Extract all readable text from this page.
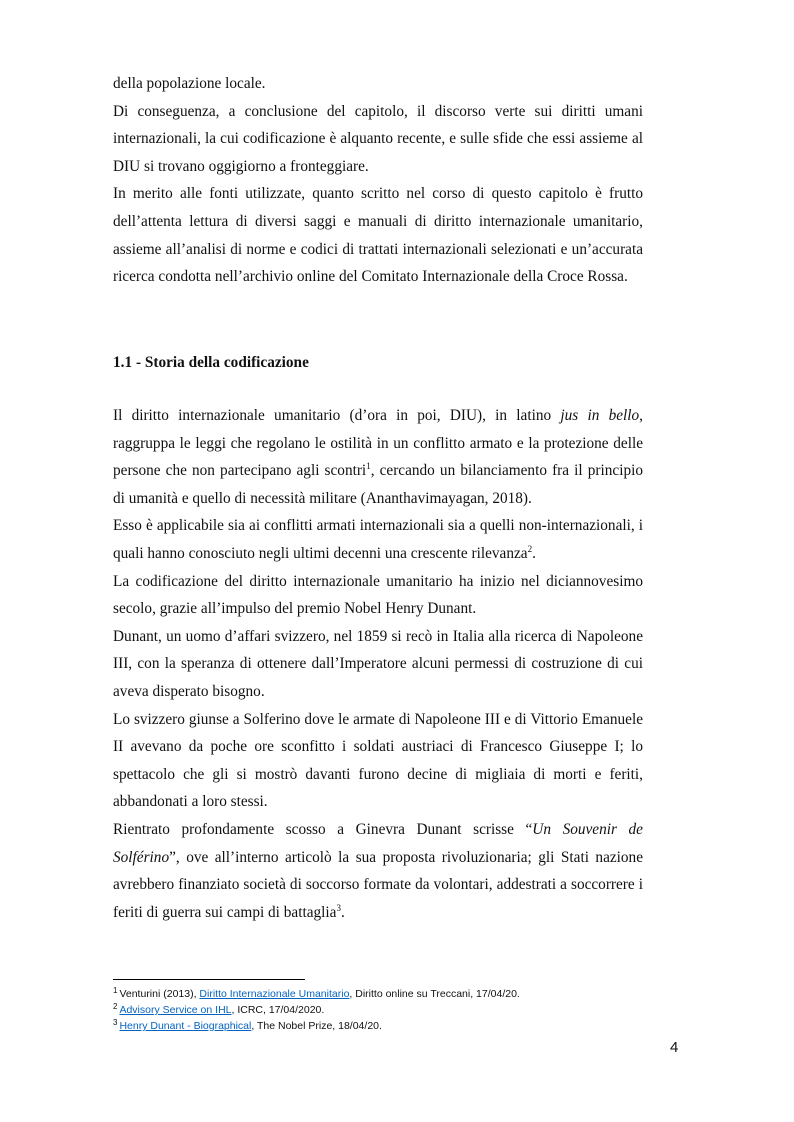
della popolazione locale.

Di conseguenza, a conclusione del capitolo, il discorso verte sui diritti umani internazionali, la cui codificazione è alquanto recente, e sulle sfide che essi assieme al DIU si trovano oggigiorno a fronteggiare.

In merito alle fonti utilizzate, quanto scritto nel corso di questo capitolo è frutto dell’attenta lettura di diversi saggi e manuali di diritto internazionale umanitario, assieme all’analisi di norme e codici di trattati internazionali selezionati e un’accurata ricerca condotta nell’archivio online del Comitato Internazionale della Croce Rossa.

1.1 - Storia della codificazione

Il diritto internazionale umanitario (d’ora in poi, DIU), in latino jus in bello, raggruppa le leggi che regolano le ostilità in un conflitto armato e la protezione delle persone che non partecipano agli scontri$^1$, cercando un bilanciamento fra il principio di umanità e quello di necessità militare (Ananthavimayagan, 2018).

Esso è applicabile sia ai conflitti armati internazionali sia a quelli non-internazionali, i quali hanno conosciuto negli ultimi decenni una crescente rilevanza$^2$.

La codificazione del diritto internazionale umanitario ha inizio nel diciannovesimo secolo, grazie all’impulso del premio Nobel Henry Dunant.

Dunant, un uomo d’affari svizzero, nel 1859 si recò in Italia alla ricerca di Napoleone III, con la speranza di ottenere dall’Imperatore alcuni permessi di costruzione di cui aveva disperato bisogno.

Lo svizzero giunse a Solferino dove le armate di Napoleone III e di Vittorio Emanuele II avevano da poche ore sconfitto i soldati austriaci di Francesco Giuseppe I; lo spettacolo che gli si mostrò davanti furono decine di migliaia di morti e feriti, abbandonati a loro stessi.

Rientrato profondamente scosso a Ginevra Dunant scrisse “Un Souvenir de Solférino”, ove all’interno articolò la sua proposta rivoluzionaria; gli Stati nazione avrebbero finanziato società di soccorso formate da volontari, addestrati a soccorrere i feriti di guerra sui campi di battaglia$^3$.

$^1$ Venturini (2013), Diritto Internazionale Umanitario, Diritto online su Treccani, 17/04/20.

$^2$ Advisory Service on IHL, ICRC, 17/04/2020.

$^3$ Henry Dunant - Biographical, The Nobel Prize, 18/04/20.

4
